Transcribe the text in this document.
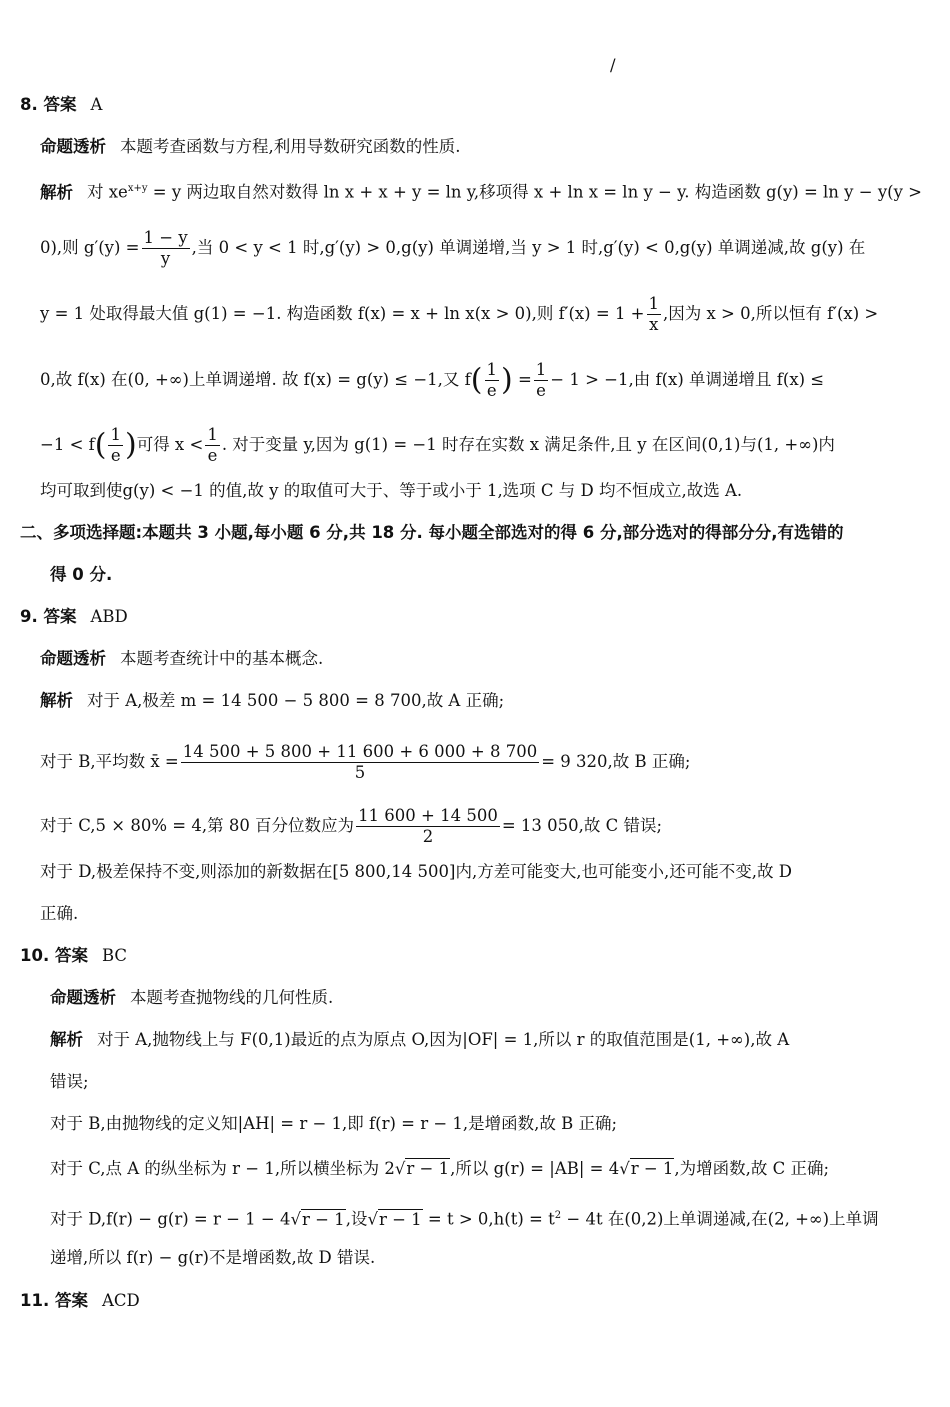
/
8. 答案 A
命题透析 本题考查函数与方程,利用导数研究函数的性质.
解析 对 $xe^{x+y} = y$ 两边取自然对数得 ln x + x + y = ln y,移项得 x + ln x = ln y − y. 构造函数 g(y) = ln y − y(y >
0),则 $g'(y) = \frac{1 - y}{y}$ ,当 0 < y < 1 时,g′(y) > 0,g(y) 单调递增,当 y > 1 时,g′(y) < 0,g(y) 单调递减,故 g(y) 在
y = 1 处取得最大值 g(1) = −1. 构造函数 f(x) = x + ln x(x > 0),则 $f'(x) = 1 + \frac{1}{x}$ ,因为 x > 0,所以恒有 f′(x) >
0,故 f(x) 在(0, +∞)上单调递增. 故 f(x) = g(y) ≤ −1,又 $f( \frac{1}{e}$ ) = $\frac{1}{e} - 1 > -1$,由 f(x) 单调递增且 f(x) ≤
$-1 < f( \frac{1}{e}$ )可得 $x < \frac{1}{e}$ . 对于变量 y,因为 g(1) = −1 时存在实数 x 满足条件,且 y 在区间(0,1)与(1, +∞)内
均可取到使g(y) < −1 的值,故 y 的取值可大于、等于或小于 1,选项 C 与 D 均不恒成立,故选 A.
二、多项选择题:本题共 3 小题,每小题 6 分,共 18 分. 每小题全部选对的得 6 分,部分选对的得部分分,有选错的
得 0 分.
9. 答案 ABD
命题透析 本题考查统计中的基本概念.
解析 对于 A,极差 m = 14 500 − 5 800 = 8 700,故 A 正确;
对于 B,平均数 x̄ = $\frac{14 500 + 5 800 + 11 600 + 6 000 + 8 700}{5} = 9$ 320,故 B 正确;
对于 C,5 × 80% = 4,第 80 百分位数应为 $\frac{11 600 + 14 500}{2} = 13$ 050,故 C 错误;
对于 D,极差保持不变,则添加的新数据在[5 800,14 500]内,方差可能变大,也可能变小,还可能不变,故 D
正确.
10. 答案 BC
命题透析 本题考查抛物线的几何性质.
解析 对于 A,抛物线上与 F(0,1)最近的点为原点 O,因为|OF| = 1,所以 r 的取值范围是(1, +∞),故 A
错误;
对于 B,由抛物线的定义知|AH| = r − 1,即 f(r) = r − 1,是增函数,故 B 正确;
对于 C,点 A 的纵坐标为 r − 1,所以横坐标为 2√r − 1,所以 g(r) = |AB| = 4√r − 1,为增函数,故 C 正确;
对于 D,f(r) − g(r) = r − 1 − 4√r − 1,设$√r - 1 = t > 0,h(t) = t^2 - 4t$ 在(0,2)上单调递减,在(2, +∞)上单调
递增,所以 f(r) − g(r)不是增函数,故 D 错误.
11. 答案 ACD
